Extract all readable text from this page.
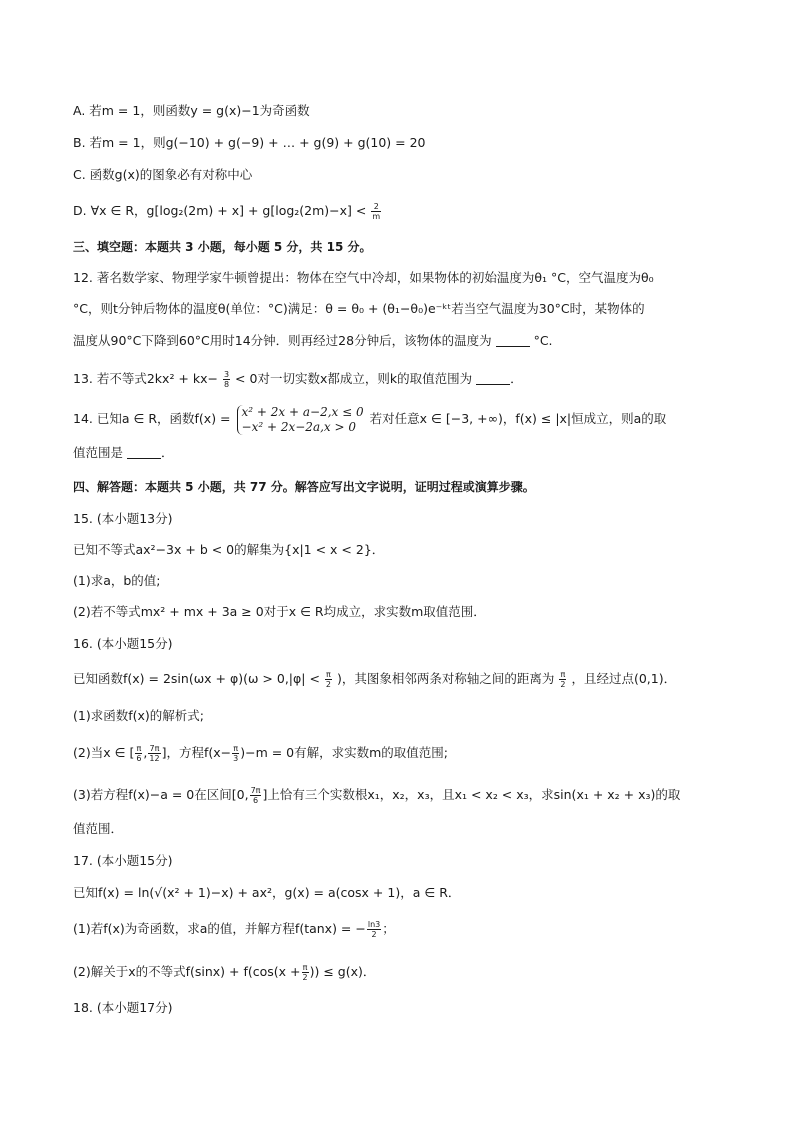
A. 若m = 1，则函数y = g(x)−1为奇函数
B. 若m = 1，则g(−10) + g(−9) + … + g(9) + g(10) = 20
C. 函数g(x)的图象必有对称中心
D. ∀x ∈ R，$g[\log_2(2m) + x] + g[\log_2(2m)-x] < \frac{2}{m}$
三、填空题：本题共 3 小题，每小题 5 分，共 15 分。
12. 著名数学家、物理学家牛顿曾提出：物体在空气中冷却，如果物体的初始温度为θ₁ °C，空气温度为θ₀
°C，则t分钟后物体的温度θ(单位：°C)满足：θ = θ₀ + (θ₁−θ₀)e⁻ᵏᵗ若当空气温度为30°C时，某物体的
温度从90°C下降到60°C用时14分钟．则再经过28分钟后，该物体的温度为	°C.
13. 若不等式$2kx^2 + kx- \frac{3}{8} < 0$对一切实数x都成立，则k的取值范围为	．
14. 已知a ∈ R，函数f(x) = x² + 2x + a−2,x ≤ 0
−x² + 2x−2a,x > 0
若对任意x ∈ [−3, +∞)，f(x) ≤ |x|恒成立，则a的取
值范围是	．
四、解答题：本题共 5 小题，共 77 分。解答应写出文字说明，证明过程或演算步骤。
15. (本小题13分)
已知不等式ax²−3x + b < 0的解集为{x|1 < x < 2}．
(1)求a，b的值;
(2)若不等式mx² + mx + 3a ≥ 0对于x ∈ R均成立，求实数m取值范围．
16. (本小题15分)
已知函数$f(x) = 2\sin(\omega x + \varphi)(\omega > 0,|\varphi| < \frac{\pi}{2}$ )，其图象相邻两条对称轴之间的距离为 $\frac{\pi}{2}$ ，且经过点(0,1)．
(1)求函数f(x)的解析式;
(2)当x ∈ [ $\frac{\pi}{6}$ , $\frac{7\pi}{12}$ ]，方程$f(x- \frac{\pi}{3} )-m = 0$有解，求实数m的取值范围;
(3)若方程f(x)−a = 0在区间[0, $\frac{7\pi}{6}$ ]上恰有三个实数根x₁，x₂，x₃，且x₁ < x₂ < x₃，求sin(x₁ + x₂ + x₃)的取
值范围．
17. (本小题15分)
已知f(x) = ln(√(x² + 1)−x) + ax²，g(x) = a(cosx + 1)，a ∈ R．
(1)若f(x)为奇函数，求a的值，并解方程f(tanx) = − $\frac{\ln 3}{2}$ ；
(2)解关于x的不等式$f(\sin x) + f(\cos(x + \frac{\pi}{2}$ )) ≤ g(x)．
18. (本小题17分)
